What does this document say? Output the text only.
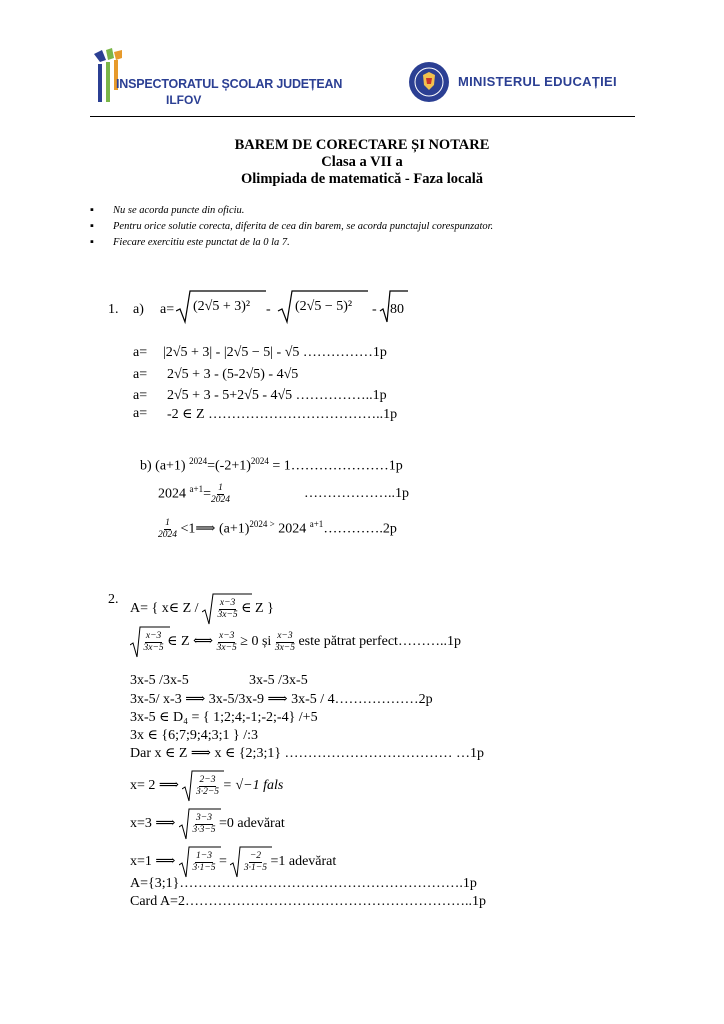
INSPECTORATUL ȘCOLAR JUDEȚEAN
ILFOV
MINISTERUL EDUCAȚIEI
BAREM DE CORECTARE ȘI NOTARE
Clasa a VII a
Olimpiada de matematică - Faza locală
▪ Nu se acorda puncte din oficiu.
▪ Pentru orice solutie corecta, diferita de cea din barem, se acorda punctajul corespunzator.
▪ Fiecare exercitiu este punctat de la 0 la 7.
1. a) a= (2√5 + 3)² - (2√5 − 5)² - 80
a= |2√5 + 3| - |2√5 − 5| - √5 ……………1p
a= 2√5 + 3 - (5-2√5) - 4√5
a= 2√5 + 3 - 5+2√5 - 4√5 ……………..1p
a= -2 ∈ Z ………………………………..1p
b) (a+1) $^{2024}=(-2+1)^{2024}$ = 1…………………1p
2024 $^{a+1}= \frac{1}{2024}$	………………..1p
$\frac{1}{2024}$ <1⟹ $(a+1)^{2024 >}$ 2024 $^{a+1}$………….2p
2.
A= { x∈ Z / $\frac{x-3}{3x-5}$ ∈ Z }

$\frac{x-3}{3x-5}$ ∈ Z ⟺ $\frac{x-3}{3x-5} \ge 0$ și $\frac{x-3}{3x-5}$ este pătrat perfect………..1p
3x-5 /3x-5	3x-5 /3x-5
3x-5/ x-3 ⟹ 3x-5/3x-9 ⟹ 3x-5 / 4………………2p
3x-5 ∈ D₄ = { 1;2;4;-1;-2;-4} /+5
3x ∈ {6;7;9;4;3;1 } /:3
Dar x ∈ Z ⟹ x ∈ {2;3;1} ……………………………… …1p
x= 2 ⟹ $\frac{2-3}{3\cdot 2-5} = √-1$ fals
x=3 ⟹ $\frac{3-3}{3\cdot 3-5} =0$ adevărat
x=1 ⟹ $\frac{1-3}{3\cdot 1-5} = \frac{-2}{3\cdot 1-5} =1$ adevărat
A={3;1}…………………………………………………….1p
Card A=2……………………………………………………..1p
